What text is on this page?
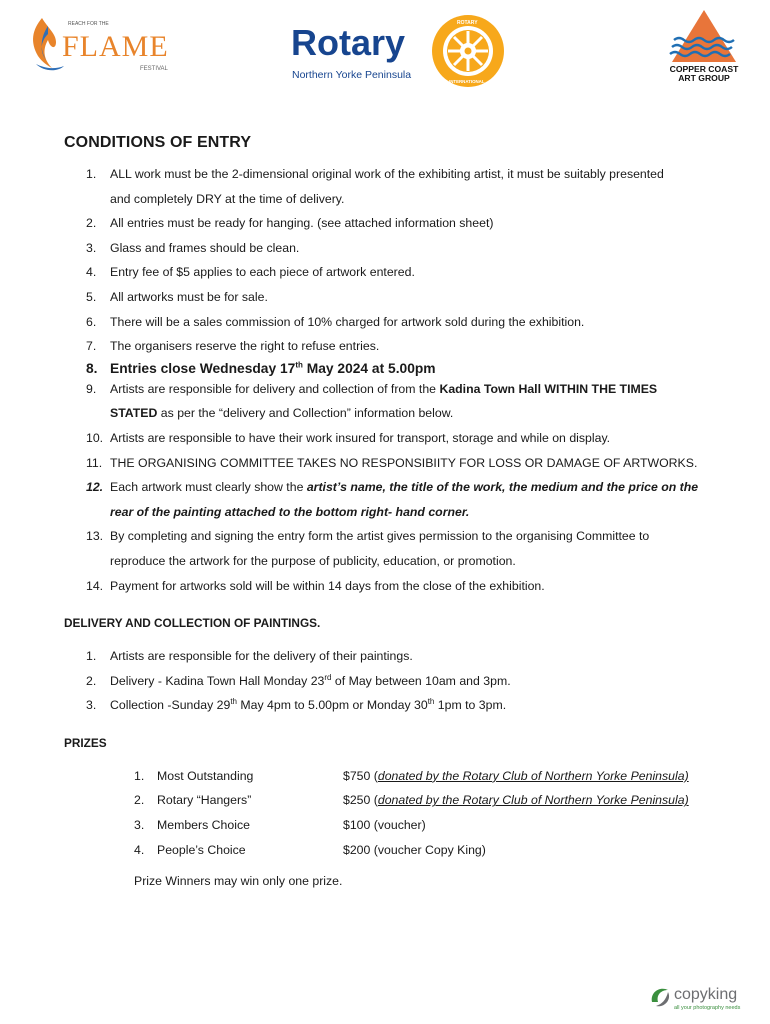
REACH FOR THE
FLAME
FESTIVAL
Rotary
Northern Yorke Peninsula
ROTARY
INTERNATIONAL
COPPER COAST
ART GROUP
CONDITIONS OF ENTRY
1. ALL work must be the 2-dimensional original work of the exhibiting artist, it must be suitably presented
and completely DRY at the time of delivery.
2. All entries must be ready for hanging. (see attached information sheet)
3. Glass and frames should be clean.
4. Entry fee of $5 applies to each piece of artwork entered.
5. All artworks must be for sale.
6. There will be a sales commission of 10% charged for artwork sold during the exhibition.
7. The organisers reserve the right to refuse entries.
8. Entries close Wednesday 17th May 2024 at 5.00pm
9. Artists are responsible for delivery and collection of from the Kadina Town Hall WITHIN THE TIMES
STATED as per the “delivery and Collection” information below.
10. Artists are responsible to have their work insured for transport, storage and while on display.
11. THE ORGANISING COMMITTEE TAKES NO RESPONSIBIITY FOR LOSS OR DAMAGE OF ARTWORKS.
12. Each artwork must clearly show the artist’s name, the title of the work, the medium and the price on the
rear of the painting attached to the bottom right- hand corner.
13. By completing and signing the entry form the artist gives permission to the organising Committee to
reproduce the artwork for the purpose of publicity, education, or promotion.
14. Payment for artworks sold will be within 14 days from the close of the exhibition.
DELIVERY AND COLLECTION OF PAINTINGS.
1. Artists are responsible for the delivery of their paintings.
2. Delivery - Kadina Town Hall Monday 23rd of May between 10am and 3pm.
3. Collection -Sunday 29th May 4pm to 5.00pm or Monday 30th 1pm to 3pm.
PRIZES
1. Most Outstanding	$750 (donated by the Rotary Club of Northern Yorke Peninsula)
2. Rotary “Hangers”	$250 (donated by the Rotary Club of Northern Yorke Peninsula)
3. Members Choice	$100 (voucher)
4. People’s Choice	$200 (voucher Copy King)
Prize Winners may win only one prize.
copyking
all your photography needs
